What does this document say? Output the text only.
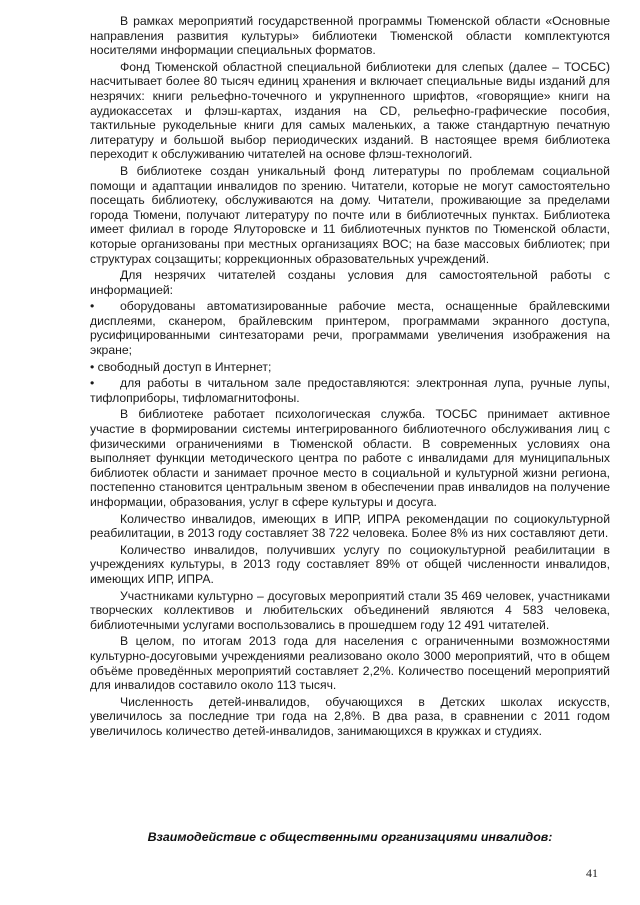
В рамках мероприятий государственной программы Тюменской области «Основные направления развития культуры» библиотеки Тюменской области комплектуются носителями информации специальных форматов.

Фонд Тюменской областной специальной библиотеки для слепых (далее – ТОСБС) насчитывает более 80 тысяч единиц хранения и включает специальные виды изданий для незрячих: книги рельефно-точечного и укрупненного шрифтов, «говорящие» книги на аудиокассетах и флэш-картах, издания на CD, рельефно-графические пособия, тактильные рукодельные книги для самых маленьких, а также стандартную печатную литературу и большой выбор периодических изданий. В настоящее время библиотека переходит к обслуживанию читателей на основе флэш-технологий.

В библиотеке создан уникальный фонд литературы по проблемам социальной помощи и адаптации инвалидов по зрению. Читатели, которые не могут самостоятельно посещать библиотеку, обслуживаются на дому. Читатели, проживающие за пределами города Тюмени, получают литературу по почте или в библиотечных пунктах. Библиотека имеет филиал в городе Ялуторовске и 11 библиотечных пунктов по Тюменской области, которые организованы при местных организациях ВОС; на базе массовых библиотек; при структурах соцзащиты; коррекционных образовательных учреждений.

Для незрячих читателей созданы условия для самостоятельной работы с информацией:

• оборудованы автоматизированные рабочие места, оснащенные брайлевскими дисплеями, сканером, брайлевским принтером, программами экранного доступа, русифицированными синтезаторами речи, программами увеличения изображения на экране;

• свободный доступ в Интернет;

• для работы в читальном зале предоставляются: электронная лупа, ручные лупы, тифлоприборы, тифломагнитофоны.

В библиотеке работает психологическая служба. ТОСБС принимает активное участие в формировании системы интегрированного библиотечного обслуживания лиц с физическими ограничениями в Тюменской области. В современных условиях она выполняет функции методического центра по работе с инвалидами для муниципальных библиотек области и занимает прочное место в социальной и культурной жизни региона, постепенно становится центральным звеном в обеспечении прав инвалидов на получение информации, образования, услуг в сфере культуры и досуга.

Количество инвалидов, имеющих в ИПР, ИПРА рекомендации по социокультурной реабилитации, в 2013 году составляет 38 722 человека. Более 8% из них составляют дети.

Количество инвалидов, получивших услугу по социокультурной реабилитации в учреждениях культуры, в 2013 году составляет 89% от общей численности инвалидов, имеющих ИПР, ИПРА.

Участниками культурно – досуговых мероприятий стали 35 469 человек, участниками творческих коллективов и любительских объединений являются 4 583 человека, библиотечными услугами воспользовались в прошедшем году 12 491 читателей.

В целом, по итогам 2013 года для населения с ограниченными возможностями культурно-досуговыми учреждениями реализовано около 3000 мероприятий, что в общем объёме проведённых мероприятий составляет 2,2%. Количество посещений мероприятий для инвалидов составило около 113 тысяч.

Численность детей-инвалидов, обучающихся в Детских школах искусств, увеличилось за последние три года на 2,8%. В два раза, в сравнении с 2011 годом увеличилось количество детей-инвалидов, занимающихся в кружках и студиях.

Взаимодействие с общественными организациями инвалидов:
41
